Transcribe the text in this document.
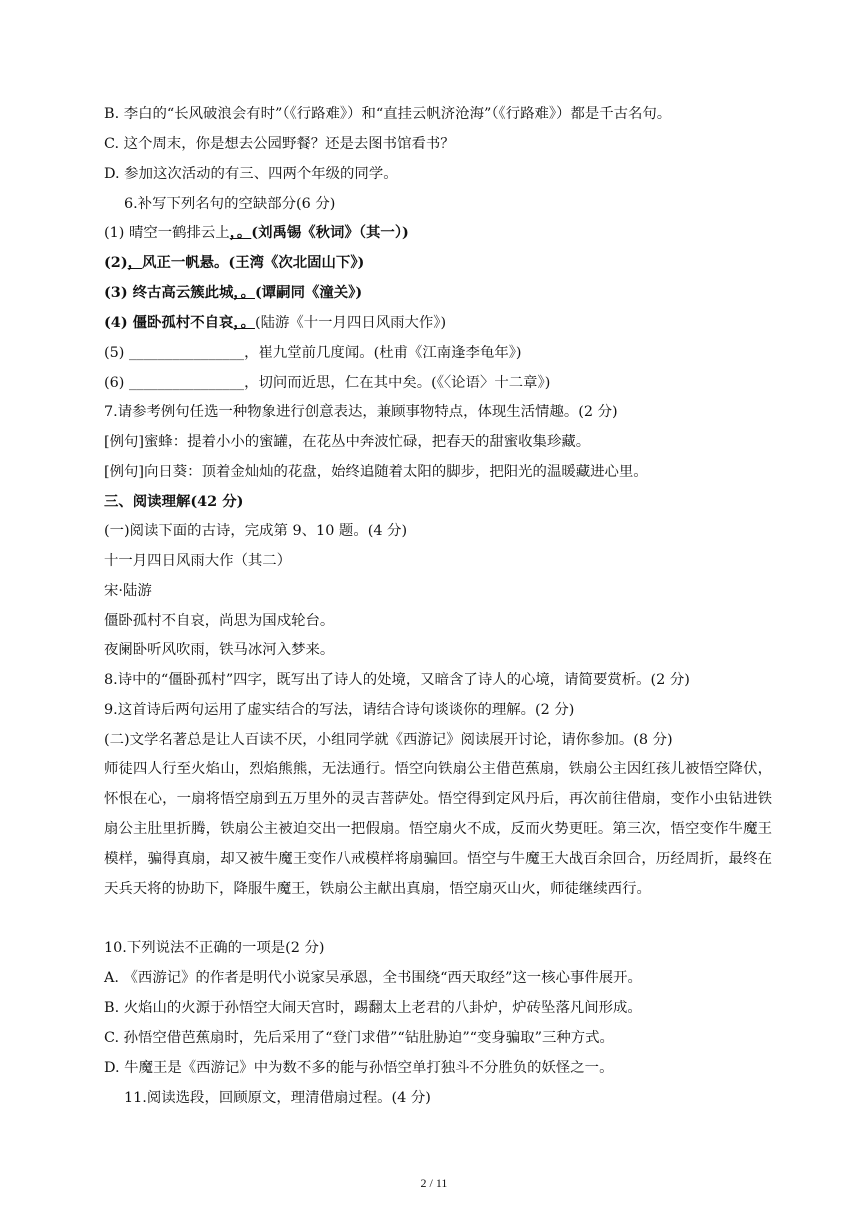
B. 李白的“长风破浪会有时”（《行路难》）和“直挂云帆济沧海”（《行路难》）都是千古名句。
C. 这个周末，你是想去公园野餐？还是去图书馆看书？
D. 参加这次活动的有三、四两个年级的同学。
6.补写下列名句的空缺部分(6 分)
(1) 晴空一鹤排云上，。(刘禹锡《秋词》（其一）)
(2)，风正一帆悬。(王湾《次北固山下》)
(3) 终古高云簇此城，。(谭嗣同《潼关》)
(4) 僵卧孤村不自哀，。(陆游《十一月四日风雨大作》)
(5) ________________，崔九堂前几度闻。(杜甫《江南逢李龟年》)
(6) ________________，切问而近思，仁在其中矣。(《〈论语〉十二章》)
7.请参考例句任选一种物象进行创意表达，兼顾事物特点，体现生活情趣。(2 分)
[例句]蜜蜂：提着小小的蜜罐，在花丛中奔波忙碌，把春天的甜蜜收集珍藏。
[例句]向日葵：顶着金灿灿的花盘，始终追随着太阳的脚步，把阳光的温暖藏进心里。
三、阅读理解(42 分)
(一)阅读下面的古诗，完成第 9、10 题。(4 分)
十一月四日风雨大作（其二）
宋·陆游
僵卧孤村不自哀，尚思为国戍轮台。
夜阑卧听风吹雨，铁马冰河入梦来。
8.诗中的“僵卧孤村”四字，既写出了诗人的处境，又暗含了诗人的心境，请简要赏析。(2 分)
9.这首诗后两句运用了虚实结合的写法，请结合诗句谈谈你的理解。(2 分)
(二)文学名著总是让人百读不厌，小组同学就《西游记》阅读展开讨论，请你参加。(8 分)
师徒四人行至火焰山，烈焰熊熊，无法通行。悟空向铁扇公主借芭蕉扇，铁扇公主因红孩儿被悟空降伏，怀恨在心，一扇将悟空扇到五万里外的灵吉菩萨处。悟空得到定风丹后，再次前往借扇，变作小虫钻进铁扇公主肚里折腾，铁扇公主被迫交出一把假扇。悟空扇火不成，反而火势更旺。第三次，悟空变作牛魔王模样，骗得真扇，却又被牛魔王变作八戒模样将扇骗回。悟空与牛魔王大战百余回合，历经周折，最终在天兵天将的协助下，降服牛魔王，铁扇公主献出真扇，悟空扇灭山火，师徒继续西行。
10.下列说法不正确的一项是(2 分)
A. 《西游记》的作者是明代小说家吴承恩，全书围绕“西天取经”这一核心事件展开。
B. 火焰山的火源于孙悟空大闹天宫时，踢翻太上老君的八卦炉，炉砖坠落凡间形成。
C. 孙悟空借芭蕉扇时，先后采用了“登门求借”“钻肚胁迫”“变身骗取”三种方式。
D. 牛魔王是《西游记》中为数不多的能与孙悟空单打独斗不分胜负的妖怪之一。
11.阅读选段，回顾原文，理清借扇过程。(4 分)
2 / 11
